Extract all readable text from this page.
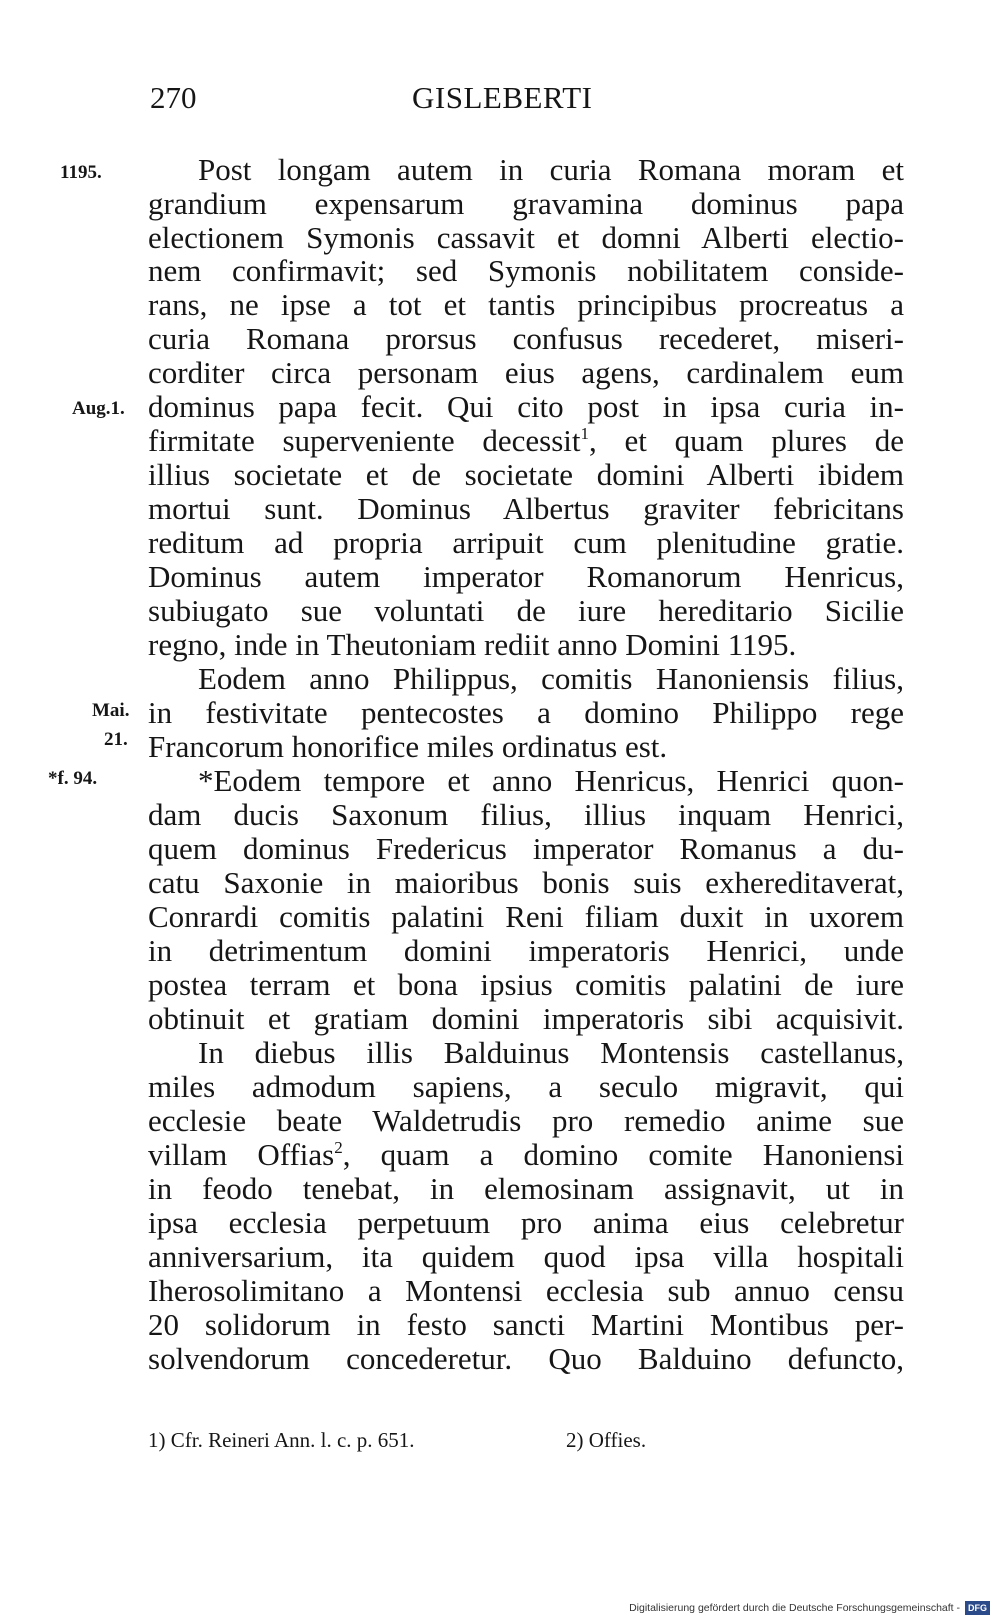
270	GISLEBERTI
1195.
Aug.1.
Mai.
21.
*f. 94.
Post longam autem in curia Romana moram et
grandium expensarum gravamina dominus papa
electionem Symonis cassavit et domni Alberti electio-
nem confirmavit; sed Symonis nobilitatem conside-
rans, ne ipse a tot et tantis principibus procreatus a
curia Romana prorsus confusus recederet, miseri-
corditer circa personam eius agens, cardinalem eum
dominus papa fecit. Qui cito post in ipsa curia in-
firmitate superveniente decessit$^1$, et quam plures de
illius societate et de societate domini Alberti ibidem
mortui sunt. Dominus Albertus graviter febricitans
reditum ad propria arripuit cum plenitudine gratie.
Dominus autem imperator Romanorum Henricus,
subiugato sue voluntati de iure hereditario Sicilie
regno, inde in Theutoniam rediit anno Domini 1195.
Eodem anno Philippus, comitis Hanoniensis filius,
in festivitate pentecostes a domino Philippo rege
Francorum honorifice miles ordinatus est.
*Eodem tempore et anno Henricus, Henrici quon-
dam ducis Saxonum filius, illius inquam Henrici,
quem dominus Fredericus imperator Romanus a du-
catu Saxonie in maioribus bonis suis exhereditaverat,
Conrardi comitis palatini Reni filiam duxit in uxorem
in detrimentum domini imperatoris Henrici, unde
postea terram et bona ipsius comitis palatini de iure
obtinuit et gratiam domini imperatoris sibi acquisivit.
In diebus illis Balduinus Montensis castellanus,
miles admodum sapiens, a seculo migravit, qui
ecclesie beate Waldetrudis pro remedio anime sue
villam Offias$^2$, quam a domino comite Hanoniensi
in feodo tenebat, in elemosinam assignavit, ut in
ipsa ecclesia perpetuum pro anima eius celebretur
anniversarium, ita quidem quod ipsa villa hospitali
Iherosolimitano a Montensi ecclesia sub annuo censu
20 solidorum in festo sancti Martini Montibus per-
solvendorum concederetur. Quo Balduino defuncto,
1) Cfr. Reineri Ann. l. c. p. 651.	2) Offies.
Digitalisierung gefördert durch die Deutsche Forschungsgemeinschaft - DFG
